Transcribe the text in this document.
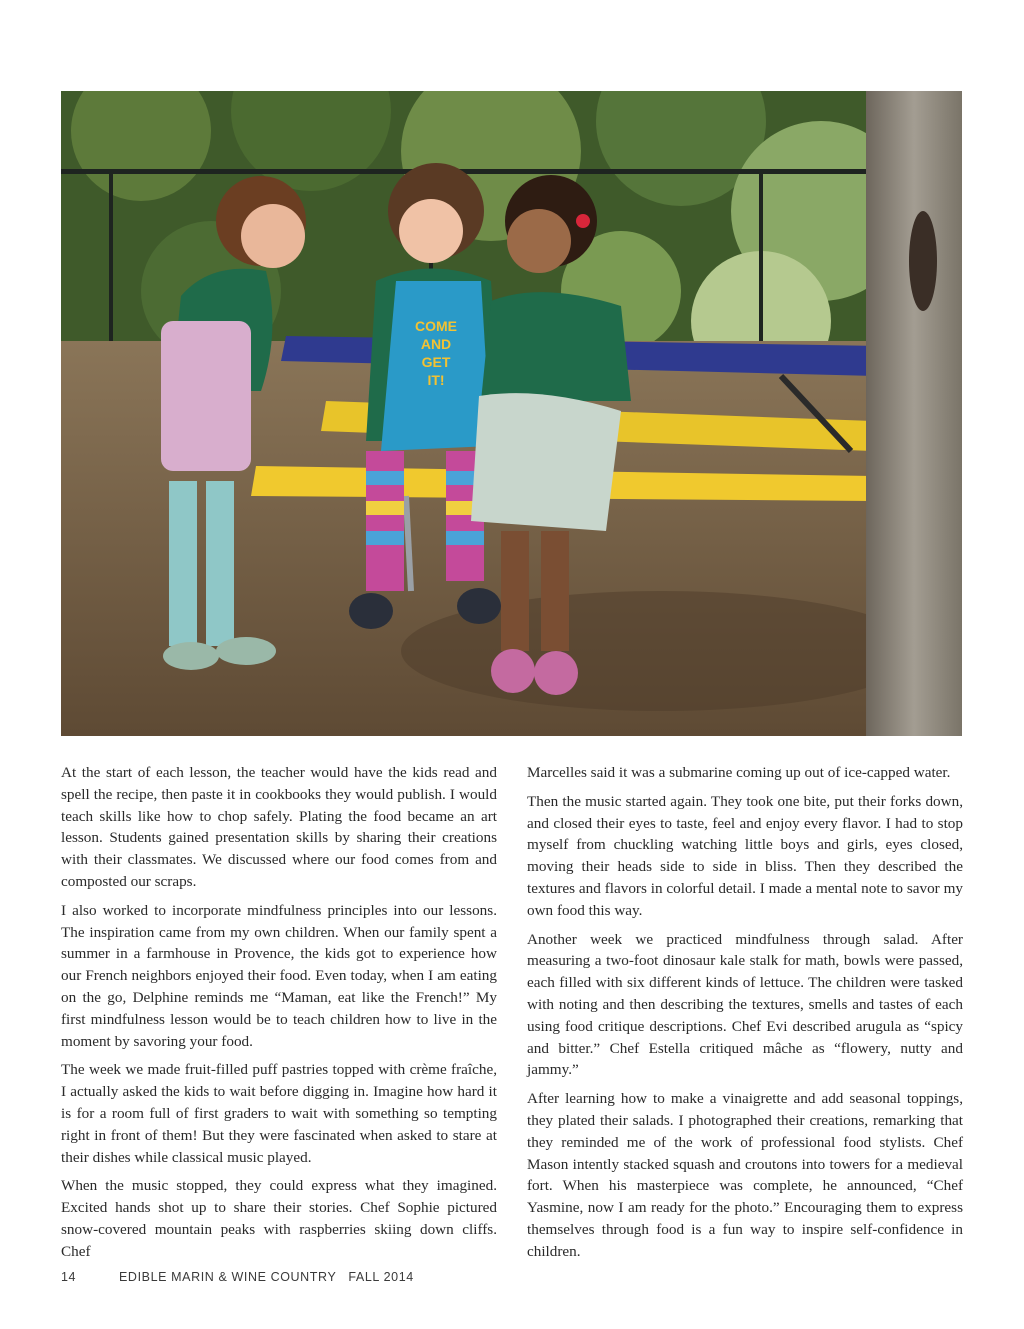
COME
AND
GET
IT!

At the start of each lesson, the teacher would have the kids read and spell the recipe, then paste it in cookbooks they would publish. I would teach skills like how to chop safely. Plating the food became an art lesson. Students gained presentation skills by sharing their creations with their classmates. We discussed where our food comes from and composted our scraps.

I also worked to incorporate mindfulness principles into our lessons. The inspiration came from my own children. When our family spent a summer in a farmhouse in Provence, the kids got to experience how our French neighbors enjoyed their food. Even today, when I am eating on the go, Delphine reminds me “Maman, eat like the French!” My first mindfulness lesson would be to teach children how to live in the moment by savoring your food.

The week we made fruit-filled puff pastries topped with crème fraîche, I actually asked the kids to wait before digging in. Imagine how hard it is for a room full of first graders to wait with something so tempting right in front of them! But they were fascinated when asked to stare at their dishes while classical music played.

When the music stopped, they could express what they imagined. Excited hands shot up to share their stories. Chef Sophie pictured snow-covered mountain peaks with raspberries skiing down cliffs. Chef

Marcelles said it was a submarine coming up out of ice-capped water.

Then the music started again. They took one bite, put their forks down, and closed their eyes to taste, feel and enjoy every flavor. I had to stop myself from chuckling watching little boys and girls, eyes closed, moving their heads side to side in bliss. Then they described the textures and flavors in colorful detail. I made a mental note to savor my own food this way.

Another week we practiced mindfulness through salad. After measuring a two-foot dinosaur kale stalk for math, bowls were passed, each filled with six different kinds of lettuce. The children were tasked with noting and then describing the textures, smells and tastes of each using food critique descriptions. Chef Evi described arugula as “spicy and bitter.” Chef Estella critiqued mâche as “flowery, nutty and jammy.”

After learning how to make a vinaigrette and add seasonal toppings, they plated their salads. I photographed their creations, remarking that they reminded me of the work of professional food stylists. Chef Mason intently stacked squash and croutons into towers for a medieval fort. When his masterpiece was complete, he announced, “Chef Yasmine, now I am ready for the photo.” Encouraging them to express themselves through food is a fun way to inspire self-confidence in children.

14	EDIBLE MARIN & WINE COUNTRY FALL 2014
